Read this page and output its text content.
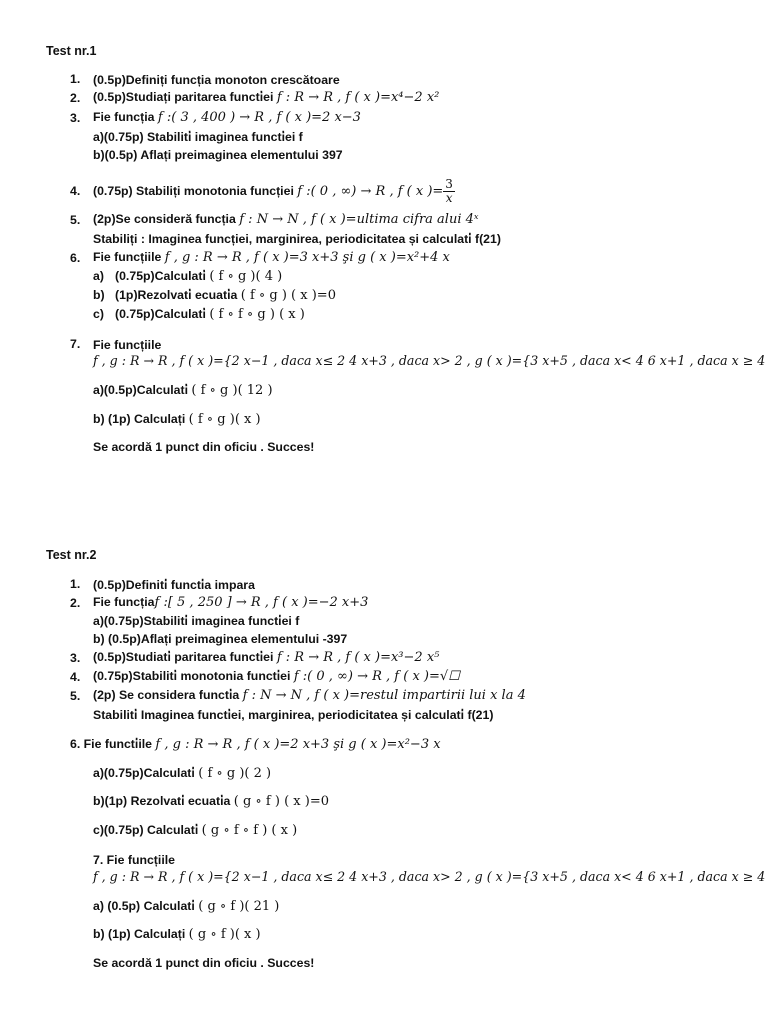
Test nr.1
1. (0.5p)Definiți funcția monoton crescătoare
2. (0.5p)Studiați paritarea functi̇ei f : R → R , f ( x )=x⁴−2 x²
3. Fie funcția f :( 3 , 400 ) → R , f ( x )=2 x−3
a)(0.75p) Stabiliti̇ imaginea functi̇ei f
b)(0.5p) Aflați preimaginea elementului 397
4. (0.75p) Stabiliți monotonia funcției f :( 0 , ∞) → R , f ( x )= $\frac{3}{x}$
5. (2p)Se consideră funcția f : N → N , f ( x )=ultima cifra alui 4ˣ
Stabiliți : Imaginea funcției, marginirea, periodicitatea și calculati̇ f(21)
6. Fie funcțiile f , g : R → R , f ( x )=3 x+3 şi g ( x )=x²+4 x
a) (0.75p)Calculati̇ ( f ∘ g )( 4 )
b) (1p)Rezolvati̇ ecuati̇a ( f ∘ g ) ( x )=0
c) (0.75p)Calculati̇ ( f ∘ f ∘ g ) ( x )
7. Fie funcțiile
f , g : R → R , f ( x )={2 x−1 , daca x≤ 2 4 x+3 , daca x> 2 , g ( x )={3 x+5 , daca x< 4 6 x+1 , daca x ≥ 4
a)(0.5p)Calculati̇ ( f ∘ g )( 12 )
b) (1p) Calculați ( f ∘ g )( x )
Se acordă 1 punct din oficiu . Succes!
Test nr.2
1. (0.5p)Definiti̇ functi̇a impara
2. Fie funcțiaf :[ 5 , 250 ] → R , f ( x )=−2 x+3
a)(0.75p)Stabiliti̇ imaginea functi̇ei f
b) (0.5p)Aflați preimaginea elementului -397
3. (0.5p)Studiati̇ paritarea functi̇ei f : R → R , f ( x )=x³−2 x⁵
4. (0.75p)Stabiliti̇ monotonia functi̇ei f :( 0 , ∞) → R , f ( x )=√☐
5. (2p) Se considera functi̇a f : N → N , f ( x )=restul impartirii lui x la 4
Stabiliti̇ Imaginea functi̇ei, marginirea, periodicitatea și calculati̇ f(21)
6. Fie functi̇ile f , g : R → R , f ( x )=2 x+3 şi g ( x )=x²−3 x
a)(0.75p)Calculati̇ ( f ∘ g )( 2 )
b)(1p) Rezolvati̇ ecuati̇a ( g ∘ f ) ( x )=0
c)(0.75p) Calculati̇ ( g ∘ f ∘ f ) ( x )
7. Fie funcțiile
f , g : R → R , f ( x )={2 x−1 , daca x≤ 2 4 x+3 , daca x> 2 , g ( x )={3 x+5 , daca x< 4 6 x+1 , daca x ≥ 4
a) (0.5p) Calculati̇ ( g ∘ f )( 21 )
b) (1p) Calculați ( g ∘ f )( x )
Se acordă 1 punct din oficiu . Succes!
